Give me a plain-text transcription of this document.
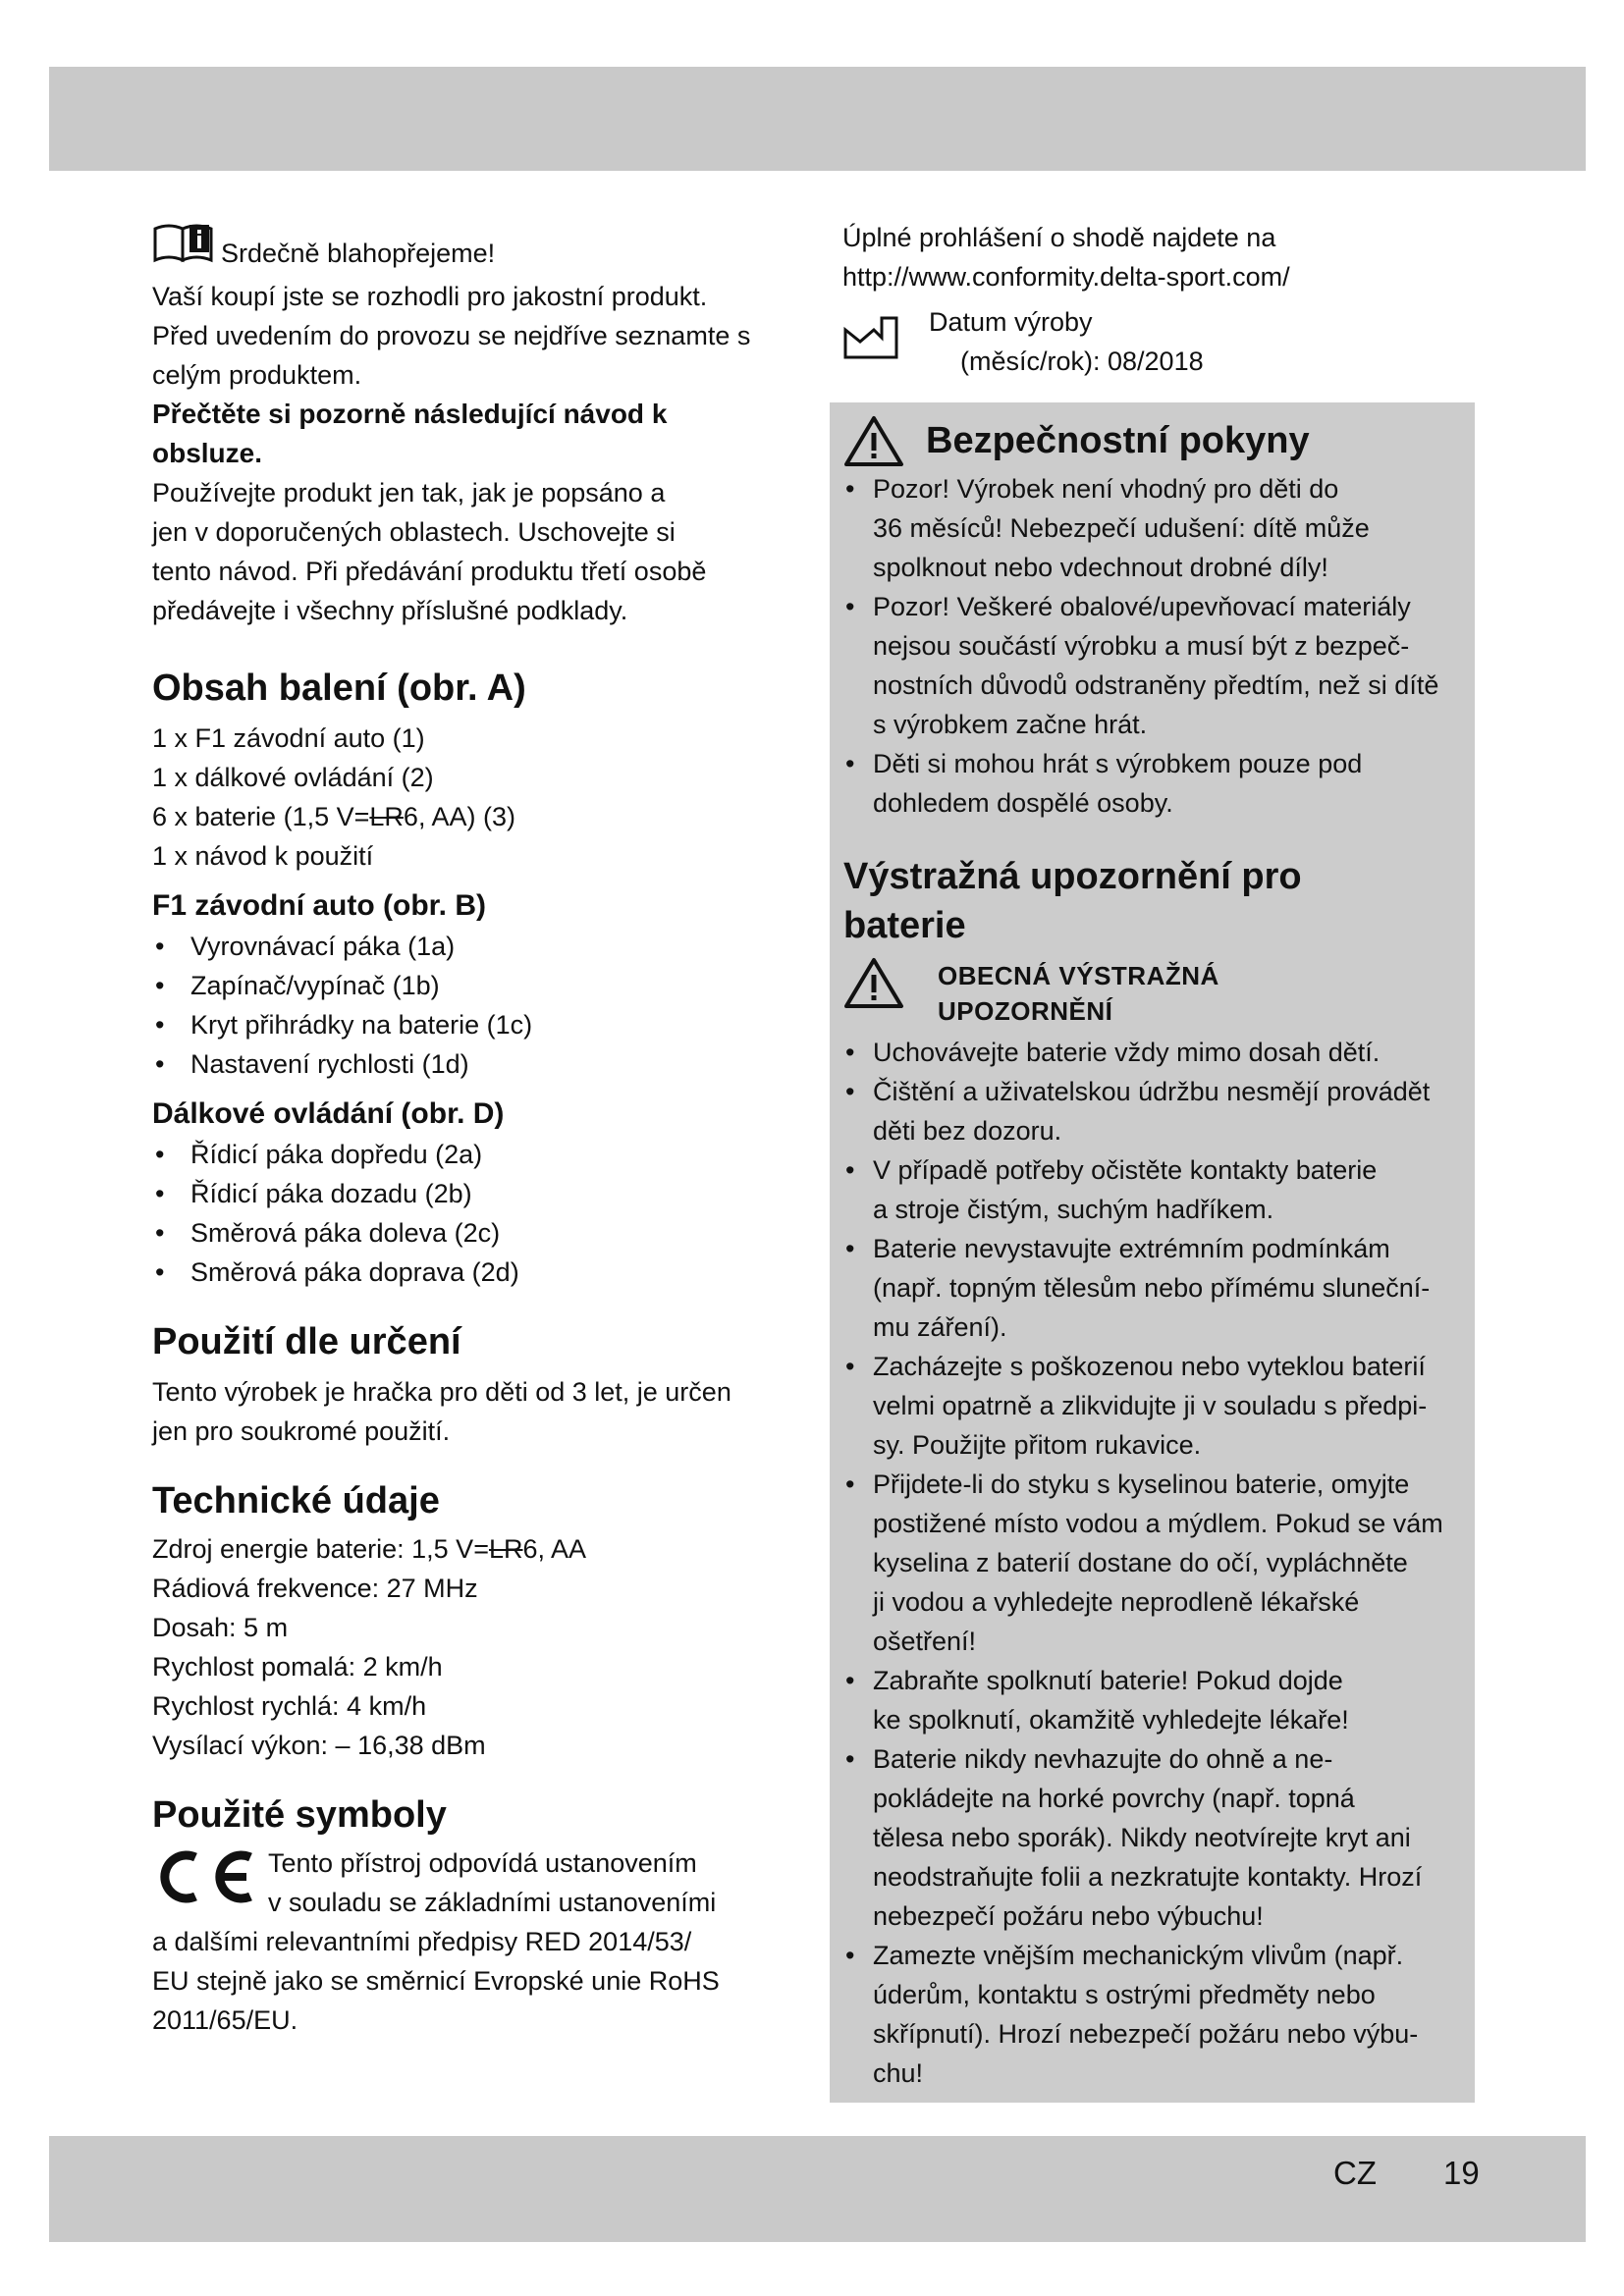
Srdečně blahopřejeme!

Vaší koupí jste se rozhodli pro jakostní produkt.

Před uvedením do provozu se nejdříve seznamte s

celým produktem.

Přečtěte si pozorně následující návod k

obsluze.

Používejte produkt jen tak, jak je popsáno a

jen v doporučených oblastech. Uschovejte si

tento návod. Při předávání produktu třetí osobě

předávejte i všechny příslušné podklady.

Obsah balení (obr. A)

1 x F1 závodní auto (1)

1 x dálkové ovládání (2)

6 x baterie (1,5 V=LR6, AA) (3)

1 x návod k použití

F1 závodní auto (obr. B)
• Vyrovnávací páka (1a)
• Zapínač/vypínač (1b)
• Kryt přihrádky na baterie (1c)
• Nastavení rychlosti (1d)
Dálkové ovládání (obr. D)
• Řídicí páka dopředu (2a)
• Řídicí páka dozadu (2b)
• Směrová páka doleva (2c)
• Směrová páka doprava (2d)
Použití dle určení

Tento výrobek je hračka pro děti od 3 let, je určen

jen pro soukromé použití.

Technické údaje

Zdroj energie baterie: 1,5 V=LR6, AA

Rádiová frekvence: 27 MHz

Dosah: 5 m

Rychlost pomalá: 2 km/h

Rychlost rychlá: 4 km/h

Vysílací výkon: – 16,38 dBm

Použité symboly

Tento přístroj odpovídá ustanovením

v souladu se základními ustanoveními

a dalšími relevantními předpisy RED 2014/53/

EU stejně jako se směrnicí Evropské unie RoHS

2011/65/EU.

Úplné prohlášení o shodě najdete na

http://www.conformity.delta-sport.com/

Datum výroby

(měsíc/rok): 08/2018

Bezpečnostní pokyny
• Pozor! Výrobek není vhodný pro děti do
36 měsíců! Nebezpečí udušení: dítě může
spolknout nebo vdechnout drobné díly!
• Pozor! Veškeré obalové/upevňovací materiály
nejsou součástí výrobku a musí být z bezpeč-
nostních důvodů odstraněny předtím, než si dítě
s výrobkem začne hrát.
• Děti si mohou hrát s výrobkem pouze pod
dohledem dospělé osoby.
Výstražná upozornění pro
baterie
OBECNÁ VÝSTRAŽNÁ
UPOZORNĚNÍ
• Uchovávejte baterie vždy mimo dosah dětí.
• Čištění a uživatelskou údržbu nesmějí provádět
děti bez dozoru.
• V případě potřeby očistěte kontakty baterie
a stroje čistým, suchým hadříkem.
• Baterie nevystavujte extrémním podmínkám
(např. topným tělesům nebo přímému sluneční-
mu záření).
• Zacházejte s poškozenou nebo vyteklou baterií
velmi opatrně a zlikvidujte ji v souladu s předpi-
sy. Použijte přitom rukavice.
• Přijdete-li do styku s kyselinou baterie, omyjte
postižené místo vodou a mýdlem. Pokud se vám
kyselina z baterií dostane do očí, vypláchněte
ji vodou a vyhledejte neprodleně lékařské
ošetření!
• Zabraňte spolknutí baterie! Pokud dojde
ke spolknutí, okamžitě vyhledejte lékaře!
• Baterie nikdy nevhazujte do ohně a ne-
pokládejte na horké povrchy (např. topná
tělesa nebo sporák). Nikdy neotvírejte kryt ani
neodstraňujte folii a nezkratujte kontakty. Hrozí
nebezpečí požáru nebo výbuchu!
• Zamezte vnějším mechanickým vlivům (např.
úderům, kontaktu s ostrými předměty nebo
skřípnutí). Hrozí nebezpečí požáru nebo výbu-
chu!
CZ 19
